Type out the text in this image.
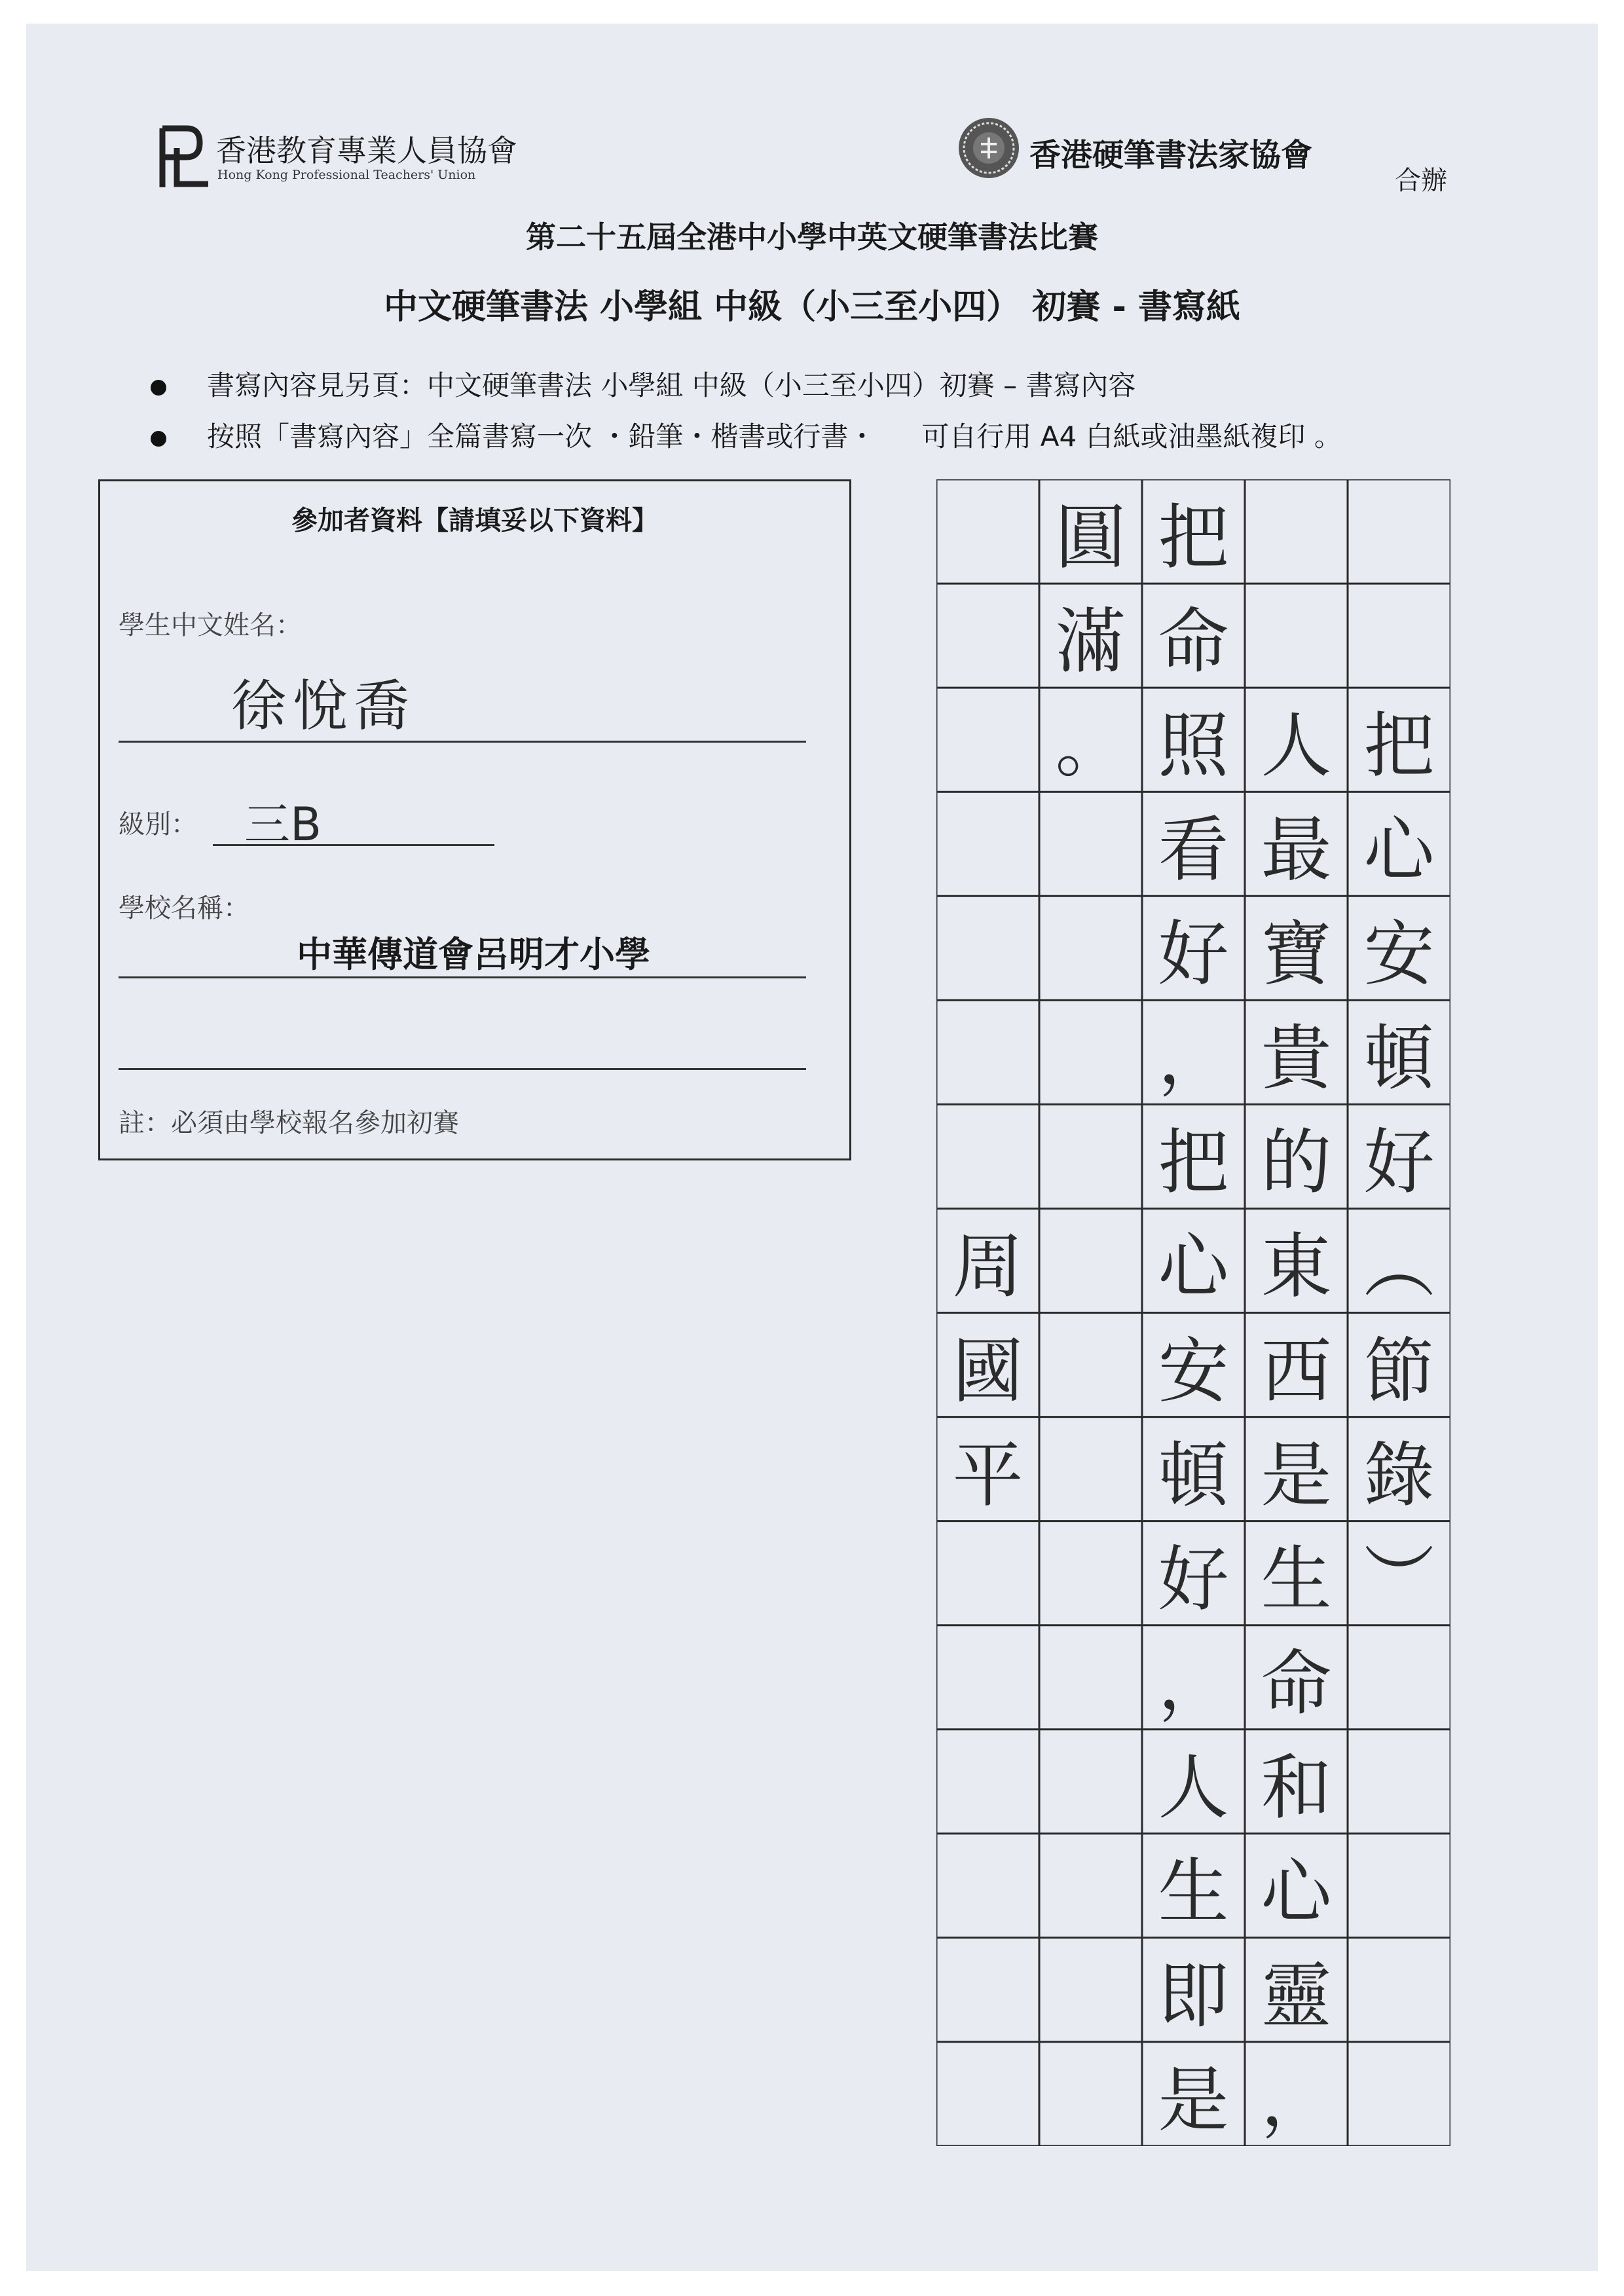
香港教育專業人員協會
Hong Kong Professional Teachers' Union
香港硬筆書法家協會
合辦
第二十五屆全港中小學中英文硬筆書法比賽
中文硬筆書法 小學組 中級（小三至小四） 初賽 - 書寫紙
書寫內容見另頁：中文硬筆書法 小學組 中級（小三至小四）初賽 – 書寫內容
按照「書寫內容」全篇書寫一次 ・鉛筆・楷書或行書・ 可自行用 A4 白紙或油墨紙複印 。
參加者資料【請填妥以下資料】
學生中文姓名：
徐悅喬
級別： 三B
學校名稱：
中華傳道會呂明才小學
註：必須由學校報名參加初賽
周
國
平
圓
滿
。
把
命
照
看
好
，
把
心
安
頓
好
，
人
生
即
是
人
最
寶
貴
的
東
西
是
生
命
和
心
靈
，
把
心
安
頓
好
︵
節
錄
︶
